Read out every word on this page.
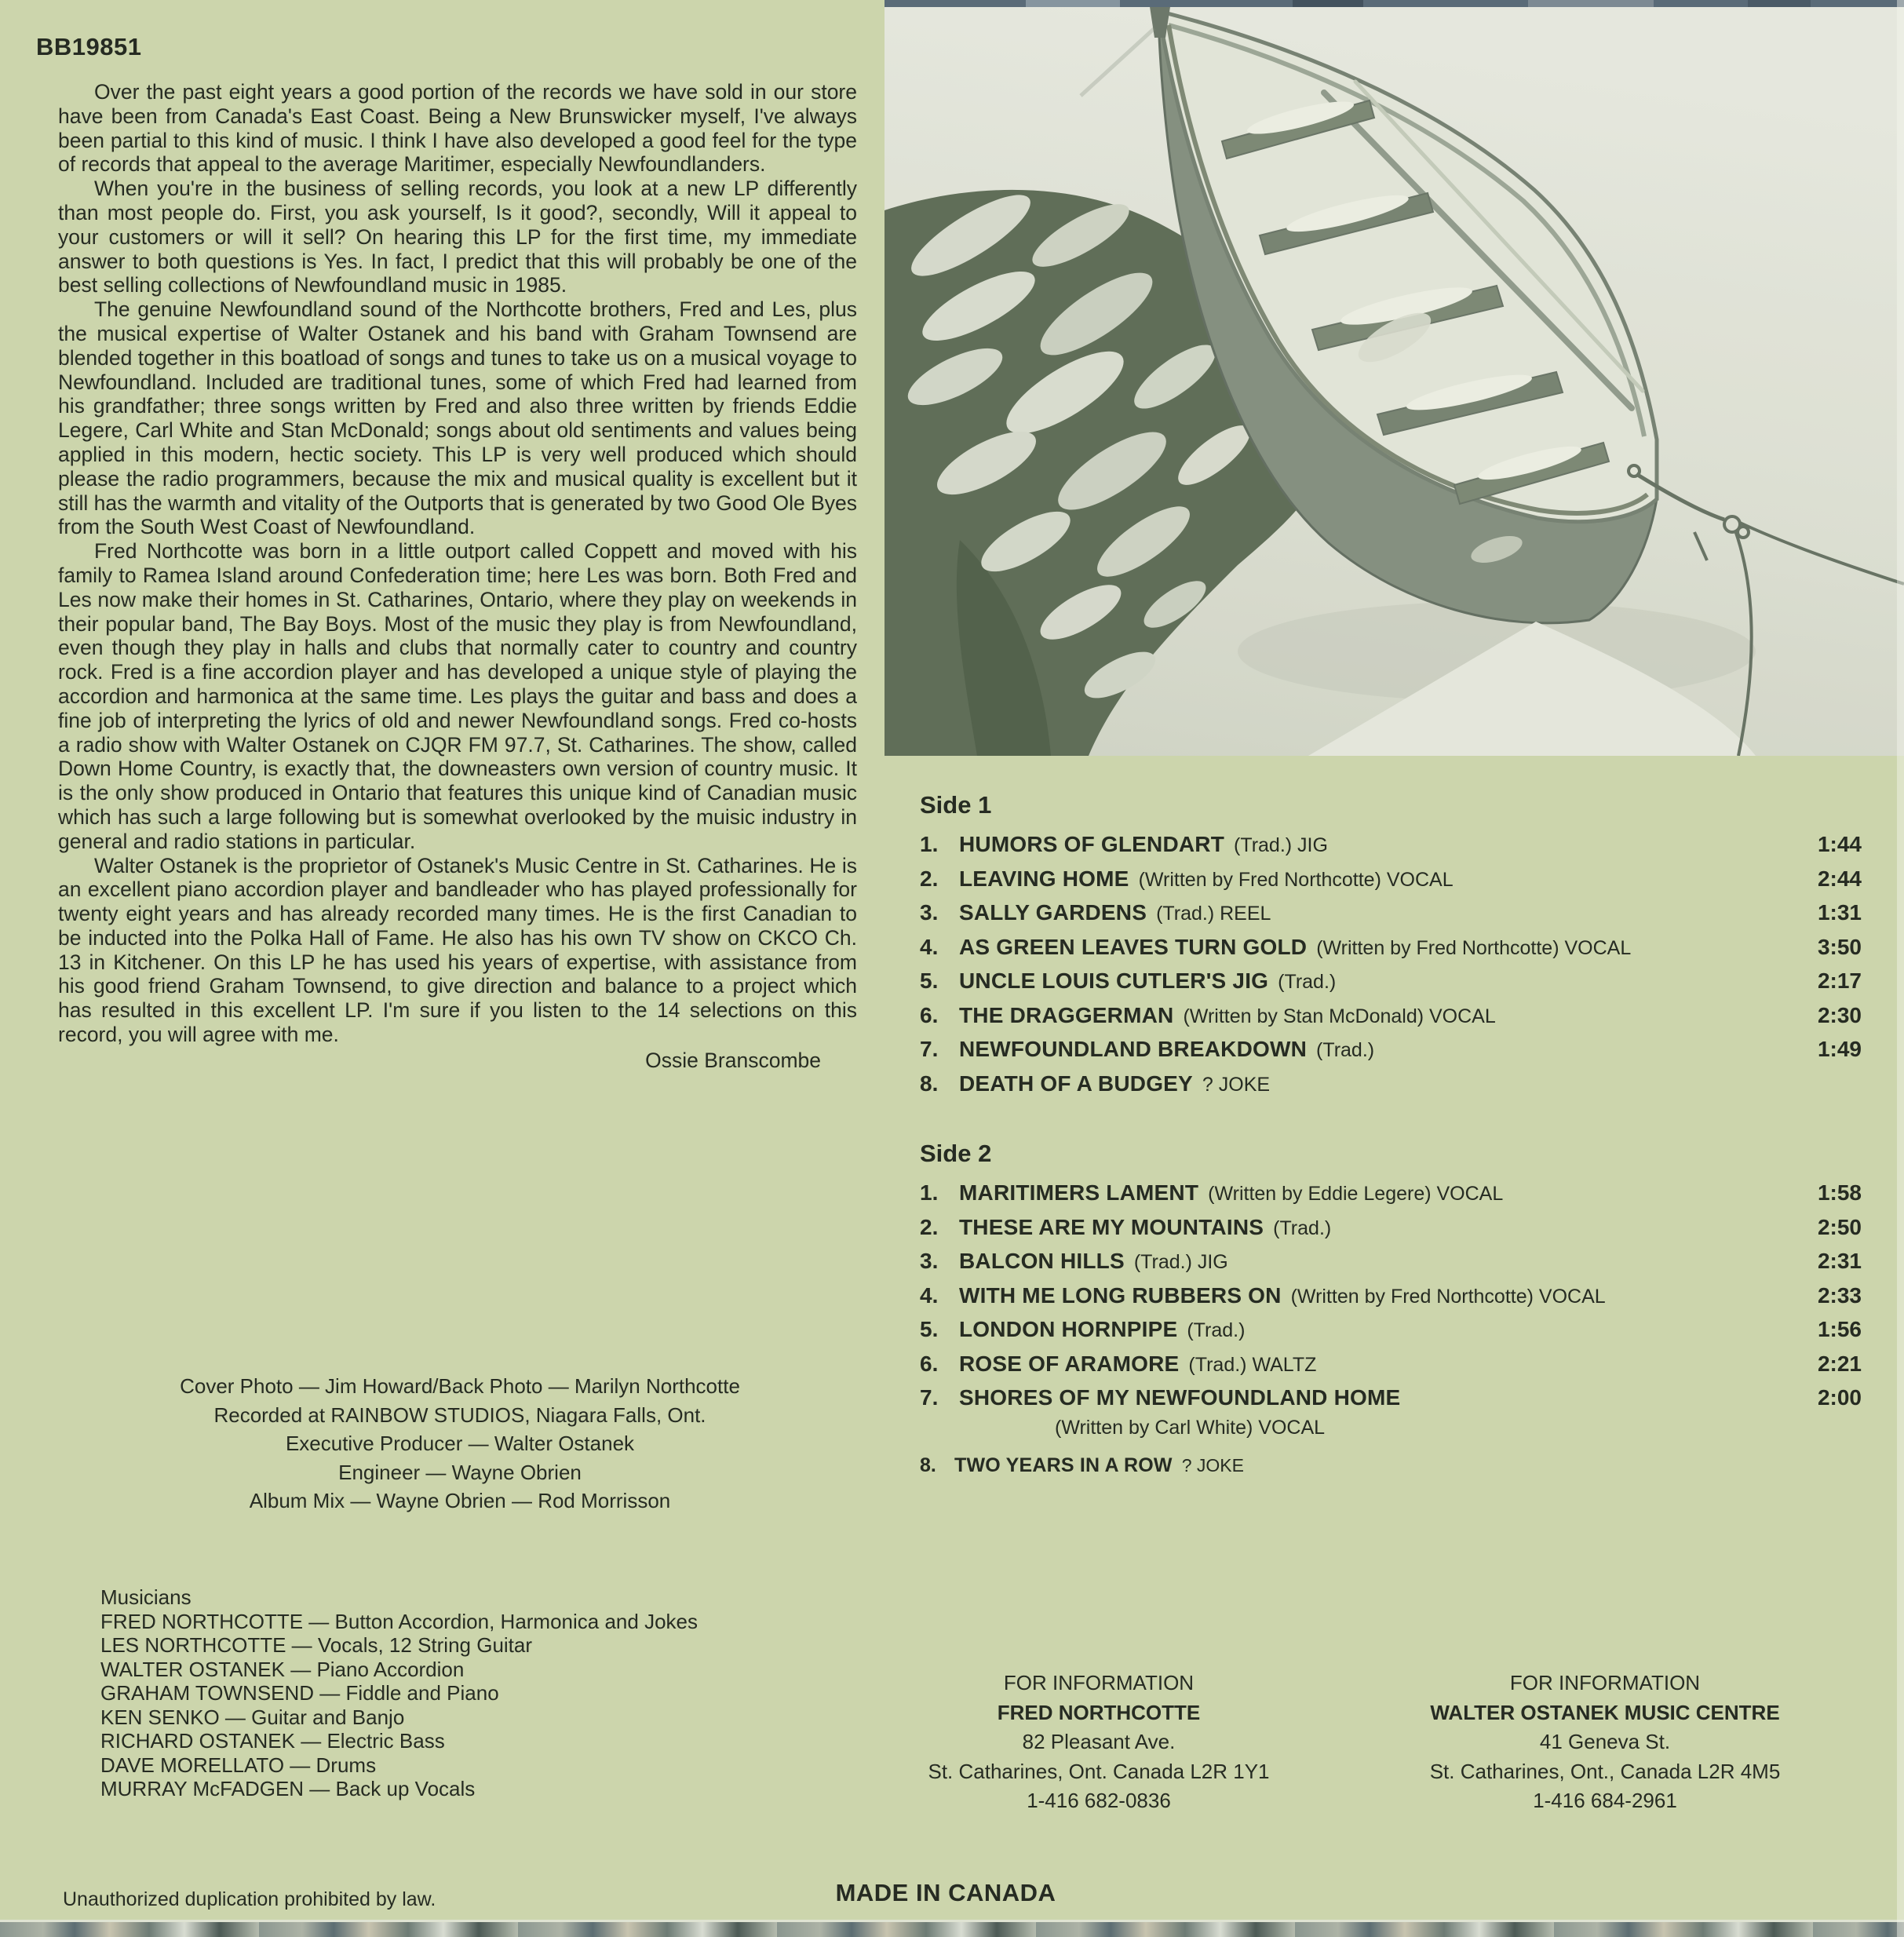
BB19851

Over the past eight years a good portion of the records we have sold in our store have been from Canada's East Coast. Being a New Brunswicker myself, I've always been partial to this kind of music. I think I have also developed a good feel for the type of records that appeal to the average Maritimer, especially Newfoundlanders.

When you're in the business of selling records, you look at a new LP differently than most people do. First, you ask yourself, Is it good?, secondly, Will it appeal to your customers or will it sell? On hearing this LP for the first time, my immediate answer to both questions is Yes. In fact, I predict that this will probably be one of the best selling collections of Newfoundland music in 1985.

The genuine Newfoundland sound of the Northcotte brothers, Fred and Les, plus the musical expertise of Walter Ostanek and his band with Graham Townsend are blended together in this boatload of songs and tunes to take us on a musical voyage to Newfoundland. Included are traditional tunes, some of which Fred had learned from his grandfather; three songs written by Fred and also three written by friends Eddie Legere, Carl White and Stan McDonald; songs about old sentiments and values being applied in this modern, hectic society. This LP is very well produced which should please the radio programmers, because the mix and musical quality is excellent but it still has the warmth and vitality of the Outports that is generated by two Good Ole Byes from the South West Coast of Newfoundland.

Fred Northcotte was born in a little outport called Coppett and moved with his family to Ramea Island around Confederation time; here Les was born. Both Fred and Les now make their homes in St. Catharines, Ontario, where they play on weekends in their popular band, The Bay Boys. Most of the music they play is from Newfoundland, even though they play in halls and clubs that normally cater to country and country rock. Fred is a fine accordion player and has developed a unique style of playing the accordion and harmonica at the same time. Les plays the guitar and bass and does a fine job of interpreting the lyrics of old and newer Newfoundland songs. Fred co-hosts a radio show with Walter Ostanek on CJQR FM 97.7, St. Catharines. The show, called Down Home Country, is exactly that, the downeasters own version of country music. It is the only show produced in Ontario that features this unique kind of Canadian music which has such a large following but is somewhat overlooked by the muisic industry in general and radio stations in particular.

Walter Ostanek is the proprietor of Ostanek's Music Centre in St. Catharines. He is an excellent piano accordion player and bandleader who has played professionally for twenty eight years and has already recorded many times. He is the first Canadian to be inducted into the Polka Hall of Fame. He also has his own TV show on CKCO Ch. 13 in Kitchener. On this LP he has used his years of expertise, with assistance from his good friend Graham Townsend, to give direction and balance to a project which has resulted in this excellent LP. I'm sure if you listen to the 14 selections on this record, you will agree with me.

Ossie Branscombe
Side 1
1. HUMORS OF GLENDART (Trad.) JIG	1:44
2. LEAVING HOME (Written by Fred Northcotte) VOCAL	2:44
3. SALLY GARDENS (Trad.) REEL	1:31
4. AS GREEN LEAVES TURN GOLD (Written by Fred Northcotte) VOCAL	3:50
5. UNCLE LOUIS CUTLER'S JIG (Trad.)	2:17
6. THE DRAGGERMAN (Written by Stan McDonald) VOCAL	2:30
7. NEWFOUNDLAND BREAKDOWN (Trad.)	1:49
8. DEATH OF A BUDGEY ? JOKE
Side 2
1. MARITIMERS LAMENT (Written by Eddie Legere) VOCAL	1:58
2. THESE ARE MY MOUNTAINS (Trad.)	2:50
3. BALCON HILLS (Trad.) JIG	2:31
4. WITH ME LONG RUBBERS ON (Written by Fred Northcotte) VOCAL	2:33
5. LONDON HORNPIPE (Trad.)	1:56
6. ROSE OF ARAMORE (Trad.) WALTZ	2:21
7. SHORES OF MY NEWFOUNDLAND HOME	2:00
(Written by Carl White) VOCAL
8. TWO YEARS IN A ROW ? JOKE
Cover Photo — Jim Howard/Back Photo — Marilyn Northcotte
Recorded at RAINBOW STUDIOS, Niagara Falls, Ont.
Executive Producer — Walter Ostanek
Engineer — Wayne Obrien
Album Mix — Wayne Obrien — Rod Morrisson
Musicians
FRED NORTHCOTTE — Button Accordion, Harmonica and Jokes
LES NORTHCOTTE — Vocals, 12 String Guitar
WALTER OSTANEK — Piano Accordion
GRAHAM TOWNSEND — Fiddle and Piano
KEN SENKO — Guitar and Banjo
RICHARD OSTANEK — Electric Bass
DAVE MORELLATO — Drums
MURRAY McFADGEN — Back up Vocals
Unauthorized duplication prohibited by law.	MADE IN CANADA
FOR INFORMATION
FRED NORTHCOTTE
82 Pleasant Ave.
St. Catharines, Ont. Canada L2R 1Y1
1-416 682-0836
FOR INFORMATION
WALTER OSTANEK MUSIC CENTRE
41 Geneva St.
St. Catharines, Ont., Canada L2R 4M5
1-416 684-2961
